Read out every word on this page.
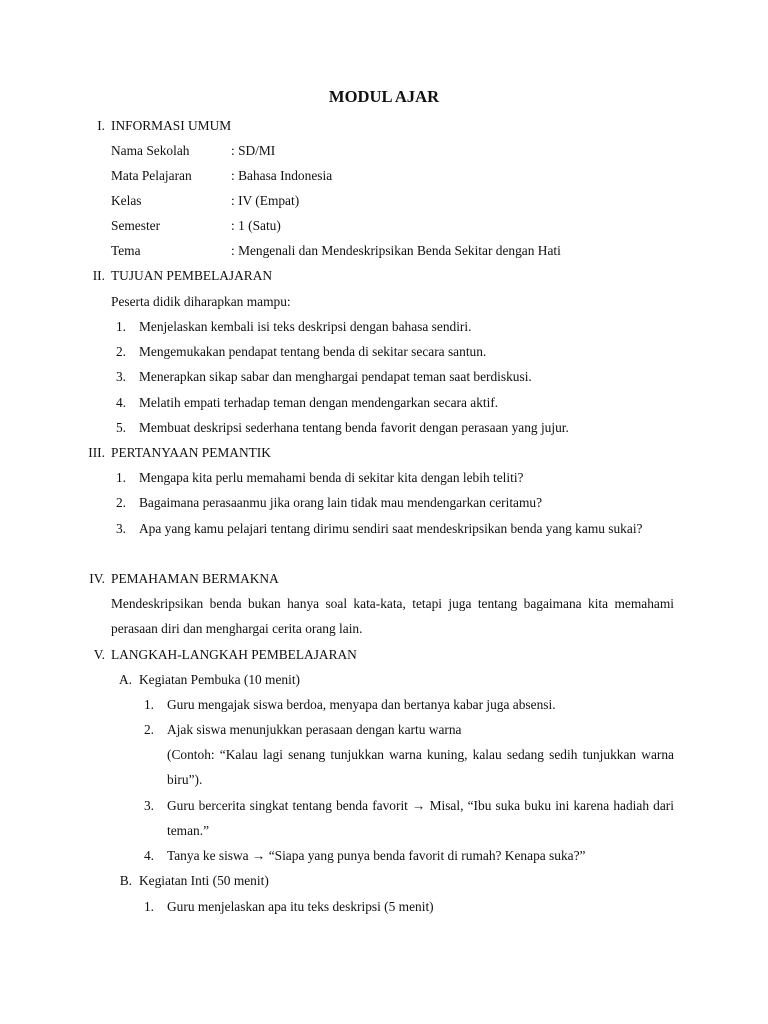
MODUL AJAR
I. INFORMASI UMUM
Nama Sekolah	: SD/MI
Mata Pelajaran	: Bahasa Indonesia
Kelas	: IV (Empat)
Semester	: 1 (Satu)
Tema	: Mengenali dan Mendeskripsikan Benda Sekitar dengan Hati
II. TUJUAN PEMBELAJARAN
Peserta didik diharapkan mampu:
1. Menjelaskan kembali isi teks deskripsi dengan bahasa sendiri.
2. Mengemukakan pendapat tentang benda di sekitar secara santun.
3. Menerapkan sikap sabar dan menghargai pendapat teman saat berdiskusi.
4. Melatih empati terhadap teman dengan mendengarkan secara aktif.
5. Membuat deskripsi sederhana tentang benda favorit dengan perasaan yang jujur.
III. PERTANYAAN PEMANTIK
1. Mengapa kita perlu memahami benda di sekitar kita dengan lebih teliti?
2. Bagaimana perasaanmu jika orang lain tidak mau mendengarkan ceritamu?
3. Apa yang kamu pelajari tentang dirimu sendiri saat mendeskripsikan benda yang kamu sukai?
IV. PEMAHAMAN BERMAKNA
Mendeskripsikan benda bukan hanya soal kata-kata, tetapi juga tentang bagaimana kita memahami perasaan diri dan menghargai cerita orang lain.
V. LANGKAH-LANGKAH PEMBELAJARAN
A. Kegiatan Pembuka (10 menit)
1. Guru mengajak siswa berdoa, menyapa dan bertanya kabar juga absensi.
2. Ajak siswa menunjukkan perasaan dengan kartu warna
(Contoh: “Kalau lagi senang tunjukkan warna kuning, kalau sedang sedih tunjukkan warna biru”).
3. Guru bercerita singkat tentang benda favorit → Misal, “Ibu suka buku ini karena hadiah dari teman.”
4. Tanya ke siswa → “Siapa yang punya benda favorit di rumah? Kenapa suka?”
B. Kegiatan Inti (50 menit)
1. Guru menjelaskan apa itu teks deskripsi (5 menit)
